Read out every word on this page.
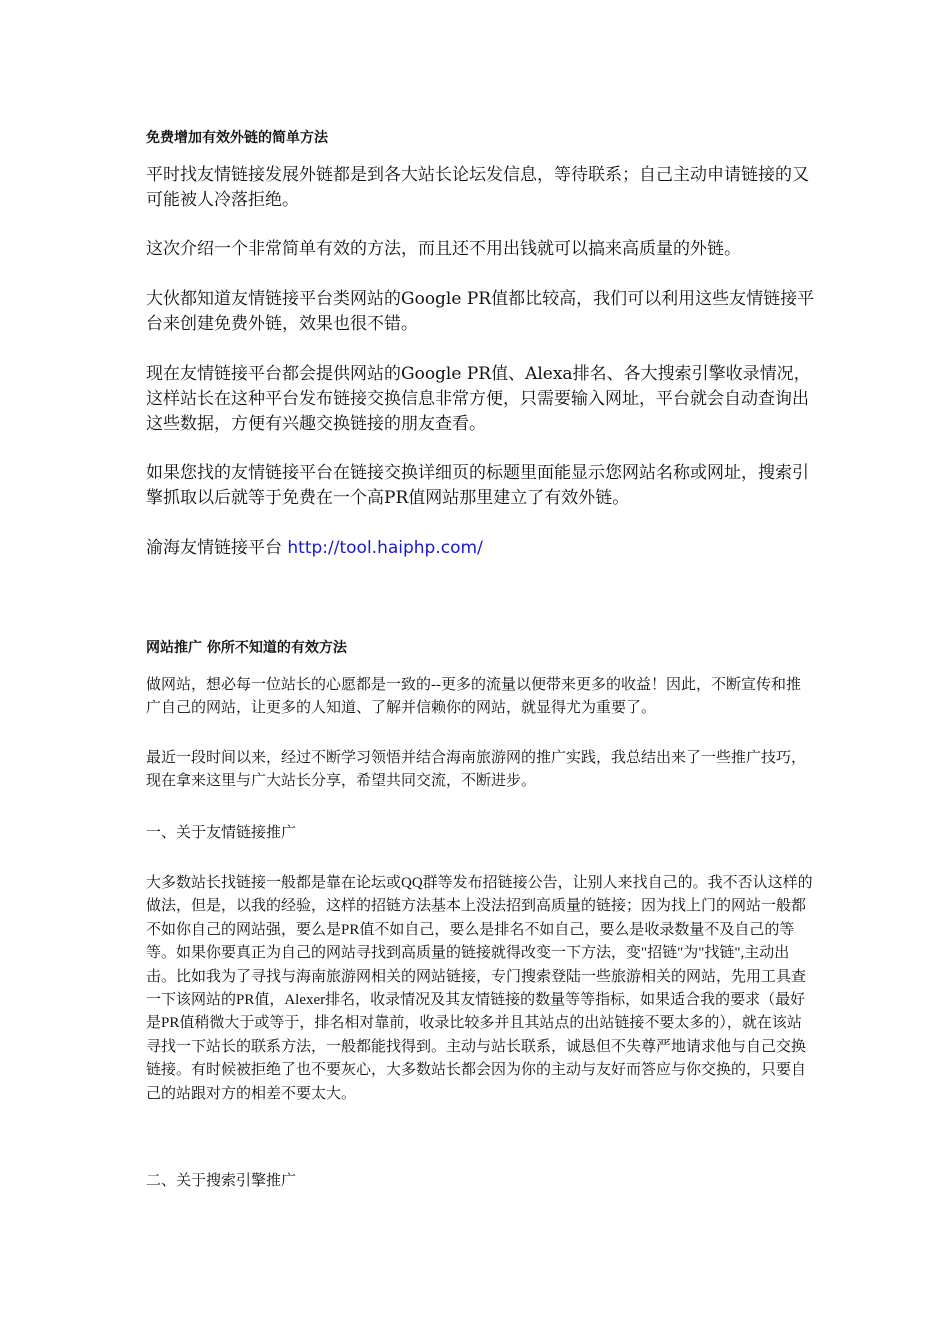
免费增加有效外链的简单方法

平时找友情链接发展外链都是到各大站长论坛发信息，等待联系；自己主动申请链接的又可能被人冷落拒绝。

这次介绍一个非常简单有效的方法，而且还不用出钱就可以搞来高质量的外链。

大伙都知道友情链接平台类网站的Google PR值都比较高，我们可以利用这些友情链接平台来创建免费外链，效果也很不错。

现在友情链接平台都会提供网站的Google PR值、Alexa排名、各大搜索引擎收录情况，这样站长在这种平台发布链接交换信息非常方便，只需要输入网址，平台就会自动查询出这些数据，方便有兴趣交换链接的朋友查看。

如果您找的友情链接平台在链接交换详细页的标题里面能显示您网站名称或网址，搜索引擎抓取以后就等于免费在一个高PR值网站那里建立了有效外链。

渝海友情链接平台 http://tool.haiphp.com/

网站推广 你所不知道的有效方法

做网站，想必每一位站长的心愿都是一致的--更多的流量以便带来更多的收益！因此，不断宣传和推广自己的网站，让更多的人知道、了解并信赖你的网站，就显得尤为重要了。

最近一段时间以来，经过不断学习领悟并结合海南旅游网的推广实践，我总结出来了一些推广技巧，现在拿来这里与广大站长分享，希望共同交流，不断进步。

一、关于友情链接推广

大多数站长找链接一般都是靠在论坛或QQ群等发布招链接公告，让别人来找自己的。我不否认这样的做法，但是，以我的经验，这样的招链方法基本上没法招到高质量的链接；因为找上门的网站一般都不如你自己的网站强，要么是PR值不如自己，要么是排名不如自己，要么是收录数量不及自己的等等。如果你要真正为自己的网站寻找到高质量的链接就得改变一下方法，变"招链"为"找链",主动出击。比如我为了寻找与海南旅游网相关的网站链接，专门搜索登陆一些旅游相关的网站，先用工具查一下该网站的PR值，Alexer排名，收录情况及其友情链接的数量等等指标，如果适合我的要求（最好是PR值稍微大于或等于，排名相对靠前，收录比较多并且其站点的出站链接不要太多的），就在该站寻找一下站长的联系方法，一般都能找得到。主动与站长联系，诚恳但不失尊严地请求他与自己交换链接。有时候被拒绝了也不要灰心，大多数站长都会因为你的主动与友好而答应与你交换的，只要自己的站跟对方的相差不要太大。

二、关于搜索引擎推广
